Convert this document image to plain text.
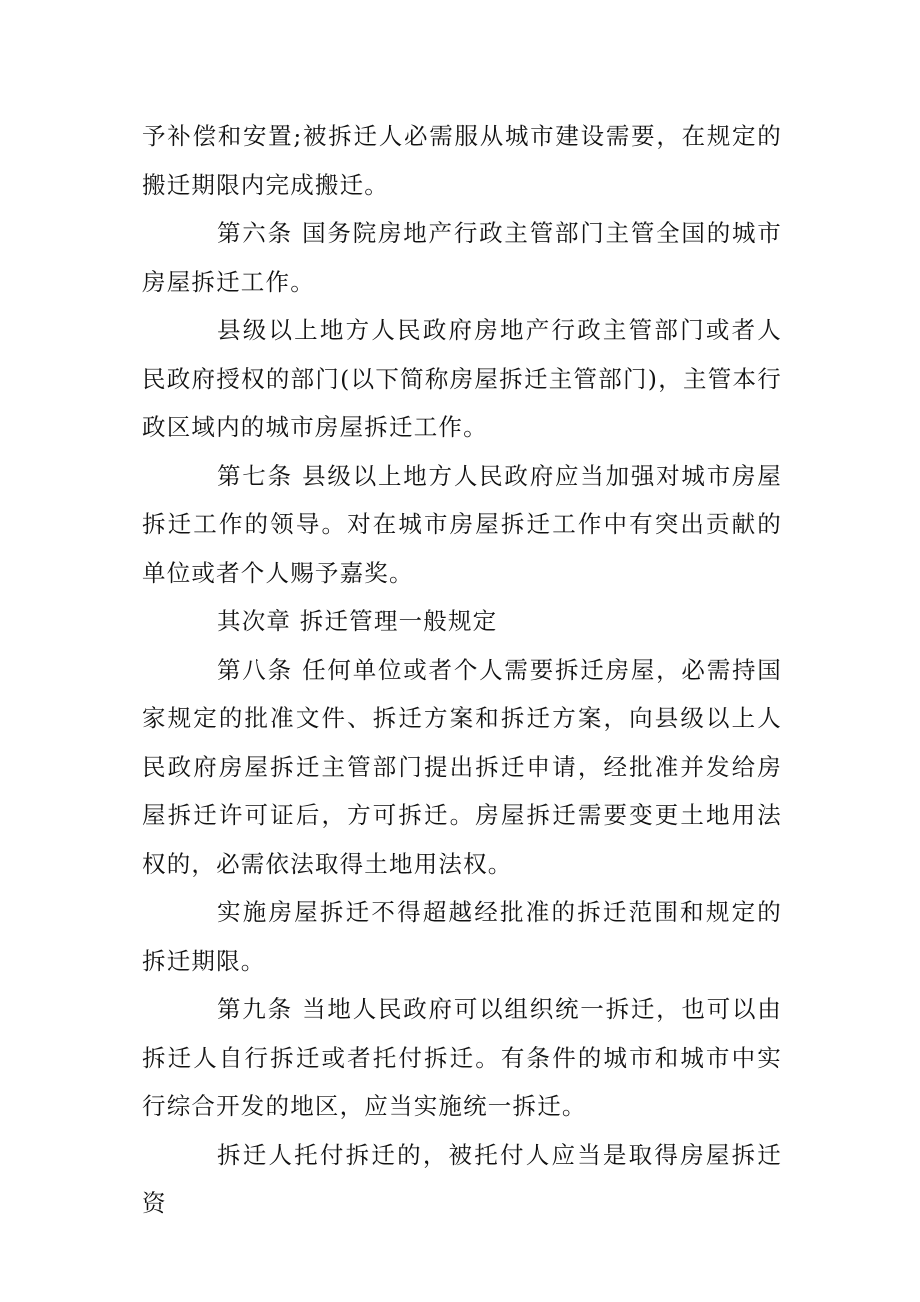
予补偿和安置;被拆迁人必需服从城市建设需要，在规定的搬迁期限内完成搬迁。

第六条 国务院房地产行政主管部门主管全国的城市房屋拆迁工作。

县级以上地方人民政府房地产行政主管部门或者人民政府授权的部门(以下简称房屋拆迁主管部门)，主管本行政区域内的城市房屋拆迁工作。

第七条 县级以上地方人民政府应当加强对城市房屋拆迁工作的领导。对在城市房屋拆迁工作中有突出贡献的单位或者个人赐予嘉奖。

其次章 拆迁管理一般规定

第八条 任何单位或者个人需要拆迁房屋，必需持国家规定的批准文件、拆迁方案和拆迁方案，向县级以上人民政府房屋拆迁主管部门提出拆迁申请，经批准并发给房屋拆迁许可证后，方可拆迁。房屋拆迁需要变更土地用法权的，必需依法取得土地用法权。

实施房屋拆迁不得超越经批准的拆迁范围和规定的拆迁期限。

第九条 当地人民政府可以组织统一拆迁，也可以由拆迁人自行拆迁或者托付拆迁。有条件的城市和城市中实行综合开发的地区，应当实施统一拆迁。

拆迁人托付拆迁的，被托付人应当是取得房屋拆迁资
